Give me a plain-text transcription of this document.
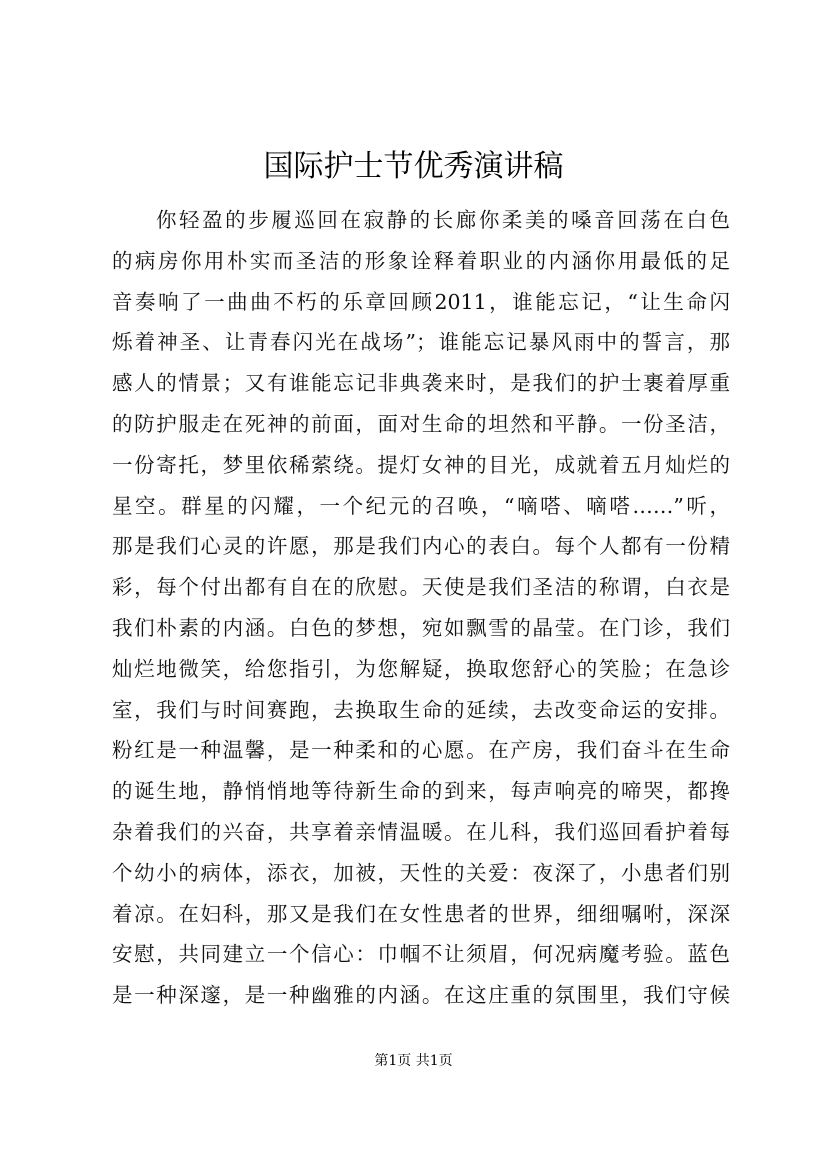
国际护士节优秀演讲稿
你轻盈的步履巡回在寂静的长廊你柔美的嗓音回荡在白色
的病房你用朴实而圣洁的形象诠释着职业的内涵你用最低的足
音奏响了一曲曲不朽的乐章回顾2011，谁能忘记，“让生命闪
烁着神圣、让青春闪光在战场”；谁能忘记暴风雨中的誓言，那
感人的情景；又有谁能忘记非典袭来时，是我们的护士裹着厚重
的防护服走在死神的前面，面对生命的坦然和平静。一份圣洁，
一份寄托，梦里依稀萦绕。提灯女神的目光，成就着五月灿烂的
星空。群星的闪耀，一个纪元的召唤，“嘀嗒、嘀嗒……”听，
那是我们心灵的许愿，那是我们内心的表白。每个人都有一份精
彩，每个付出都有自在的欣慰。天使是我们圣洁的称谓，白衣是
我们朴素的内涵。白色的梦想，宛如飘雪的晶莹。在门诊，我们
灿烂地微笑，给您指引，为您解疑，换取您舒心的笑脸；在急诊
室，我们与时间赛跑，去换取生命的延续，去改变命运的安排。
粉红是一种温馨，是一种柔和的心愿。在产房，我们奋斗在生命
的诞生地，静悄悄地等待新生命的到来，每声响亮的啼哭，都搀
杂着我们的兴奋，共享着亲情温暖。在儿科，我们巡回看护着每
个幼小的病体，添衣，加被，天性的关爱：夜深了，小患者们别
着凉。在妇科，那又是我们在女性患者的世界，细细嘱咐，深深
安慰，共同建立一个信心：巾帼不让须眉，何况病魔考验。蓝色
是一种深邃，是一种幽雅的内涵。在这庄重的氛围里，我们守候
第1页 共1页
